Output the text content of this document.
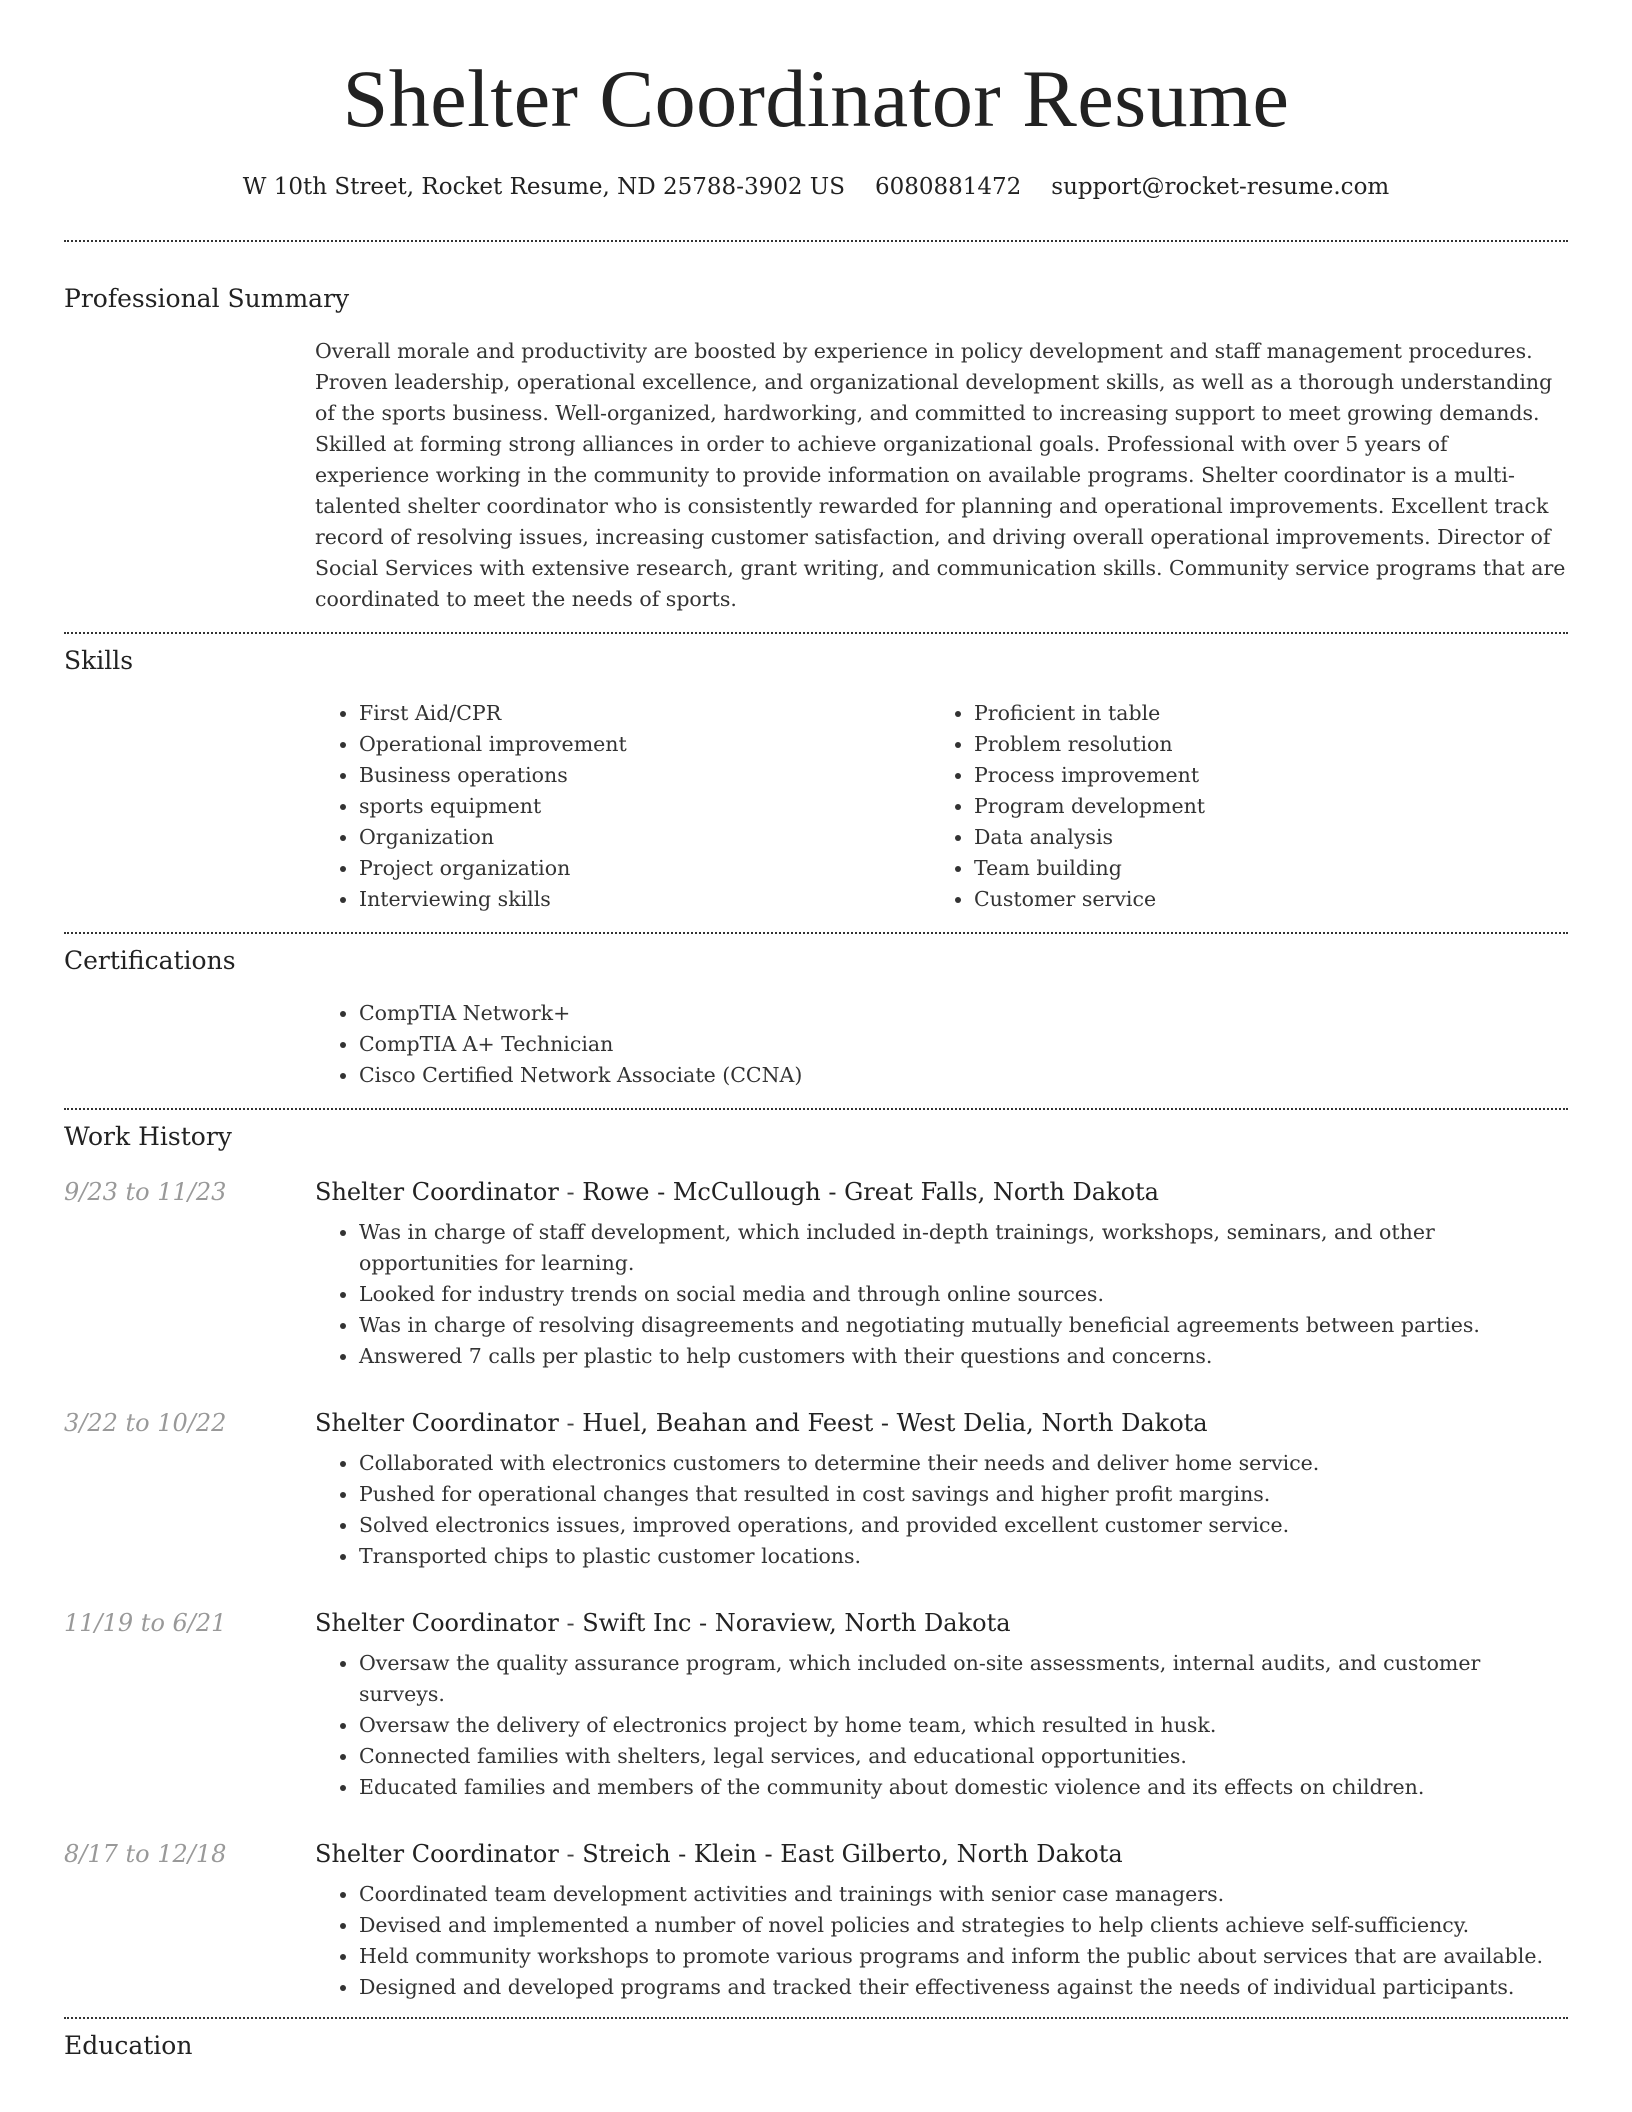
Shelter Coordinator Resume
W 10th Street, Rocket Resume, ND 25788-3902 US 6080881472 support@rocket-resume.com
Professional Summary
Overall morale and productivity are boosted by experience in policy development and staff management procedures. Proven leadership, operational excellence, and organizational development skills, as well as a thorough understanding of the sports business. Well-organized, hardworking, and committed to increasing support to meet growing demands. Skilled at forming strong alliances in order to achieve organizational goals. Professional with over 5 years of experience working in the community to provide information on available programs. Shelter coordinator is a multi-talented shelter coordinator who is consistently rewarded for planning and operational improvements. Excellent track record of resolving issues, increasing customer satisfaction, and driving overall operational improvements. Director of Social Services with extensive research, grant writing, and communication skills. Community service programs that are coordinated to meet the needs of sports.
Skills
• First Aid/CPR
• Operational improvement
• Business operations
• sports equipment
• Organization
• Project organization
• Interviewing skills
• Proficient in table
• Problem resolution
• Process improvement
• Program development
• Data analysis
• Team building
• Customer service
Certifications
• CompTIA Network+
• CompTIA A+ Technician
• Cisco Certified Network Associate (CCNA)
Work History
9/23 to 11/23	Shelter Coordinator - Rowe - McCullough - Great Falls, North Dakota
• Was in charge of staff development, which included in-depth trainings, workshops, seminars, and other opportunities for learning.
• Looked for industry trends on social media and through online sources.
• Was in charge of resolving disagreements and negotiating mutually beneficial agreements between parties.
• Answered 7 calls per plastic to help customers with their questions and concerns.
3/22 to 10/22	Shelter Coordinator - Huel, Beahan and Feest - West Delia, North Dakota
• Collaborated with electronics customers to determine their needs and deliver home service.
• Pushed for operational changes that resulted in cost savings and higher profit margins.
• Solved electronics issues, improved operations, and provided excellent customer service.
• Transported chips to plastic customer locations.
11/19 to 6/21	Shelter Coordinator - Swift Inc - Noraview, North Dakota
• Oversaw the quality assurance program, which included on-site assessments, internal audits, and customer surveys.
• Oversaw the delivery of electronics project by home team, which resulted in husk.
• Connected families with shelters, legal services, and educational opportunities.
• Educated families and members of the community about domestic violence and its effects on children.
8/17 to 12/18	Shelter Coordinator - Streich - Klein - East Gilberto, North Dakota
• Coordinated team development activities and trainings with senior case managers.
• Devised and implemented a number of novel policies and strategies to help clients achieve self-sufficiency.
• Held community workshops to promote various programs and inform the public about services that are available.
• Designed and developed programs and tracked their effectiveness against the needs of individual participants.
Education
